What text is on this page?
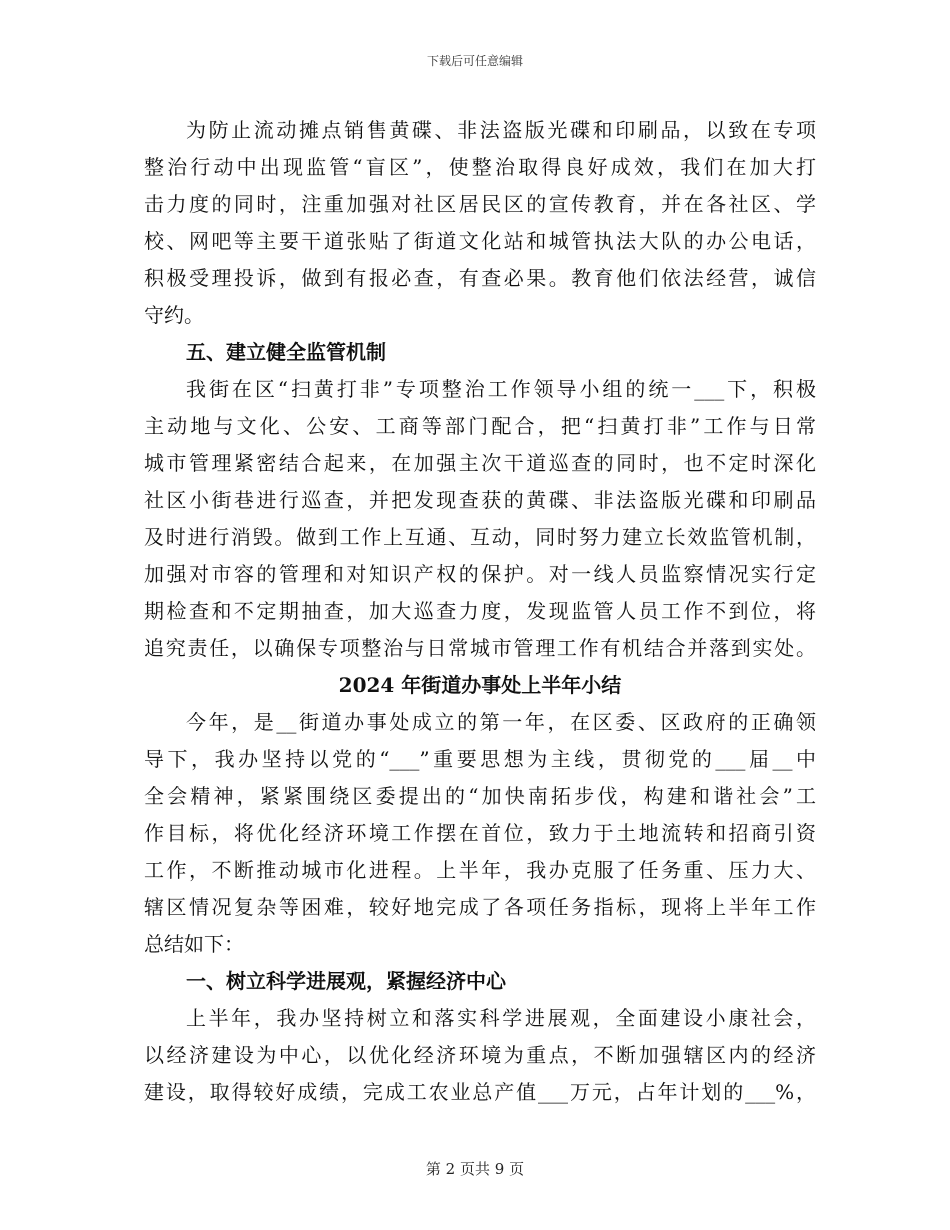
下载后可任意编辑
为防止流动摊点销售黄碟、非法盗版光碟和印刷品，以致在专项
整治行动中出现监管“盲区”，使整治取得良好成效，我们在加大打
击力度的同时，注重加强对社区居民区的宣传教育，并在各社区、学
校、网吧等主要干道张贴了街道文化站和城管执法大队的办公电话，
积极受理投诉，做到有报必查，有查必果。教育他们依法经营，诚信
守约。
五、建立健全监管机制
我街在区“扫黄打非”专项整治工作领导小组的统一___下，积极
主动地与文化、公安、工商等部门配合，把“扫黄打非”工作与日常
城市管理紧密结合起来，在加强主次干道巡查的同时，也不定时深化
社区小街巷进行巡查，并把发现查获的黄碟、非法盗版光碟和印刷品
及时进行消毁。做到工作上互通、互动，同时努力建立长效监管机制，
加强对市容的管理和对知识产权的保护。对一线人员监察情况实行定
期检查和不定期抽查，加大巡查力度，发现监管人员工作不到位，将
追究责任，以确保专项整治与日常城市管理工作有机结合并落到实处。
2024 年街道办事处上半年小结
今年，是__街道办事处成立的第一年，在区委、区政府的正确领
导下，我办坚持以党的“___”重要思想为主线，贯彻党的___届__中
全会精神，紧紧围绕区委提出的“加快南拓步伐，构建和谐社会”工
作目标，将优化经济环境工作摆在首位，致力于土地流转和招商引资
工作，不断推动城市化进程。上半年，我办克服了任务重、压力大、
辖区情况复杂等困难，较好地完成了各项任务指标，现将上半年工作
总结如下：
一、树立科学进展观，紧握经济中心
上半年，我办坚持树立和落实科学进展观，全面建设小康社会，
以经济建设为中心，以优化经济环境为重点，不断加强辖区内的经济
建设，取得较好成绩，完成工农业总产值___万元，占年计划的___%，
第 2 页共 9 页
